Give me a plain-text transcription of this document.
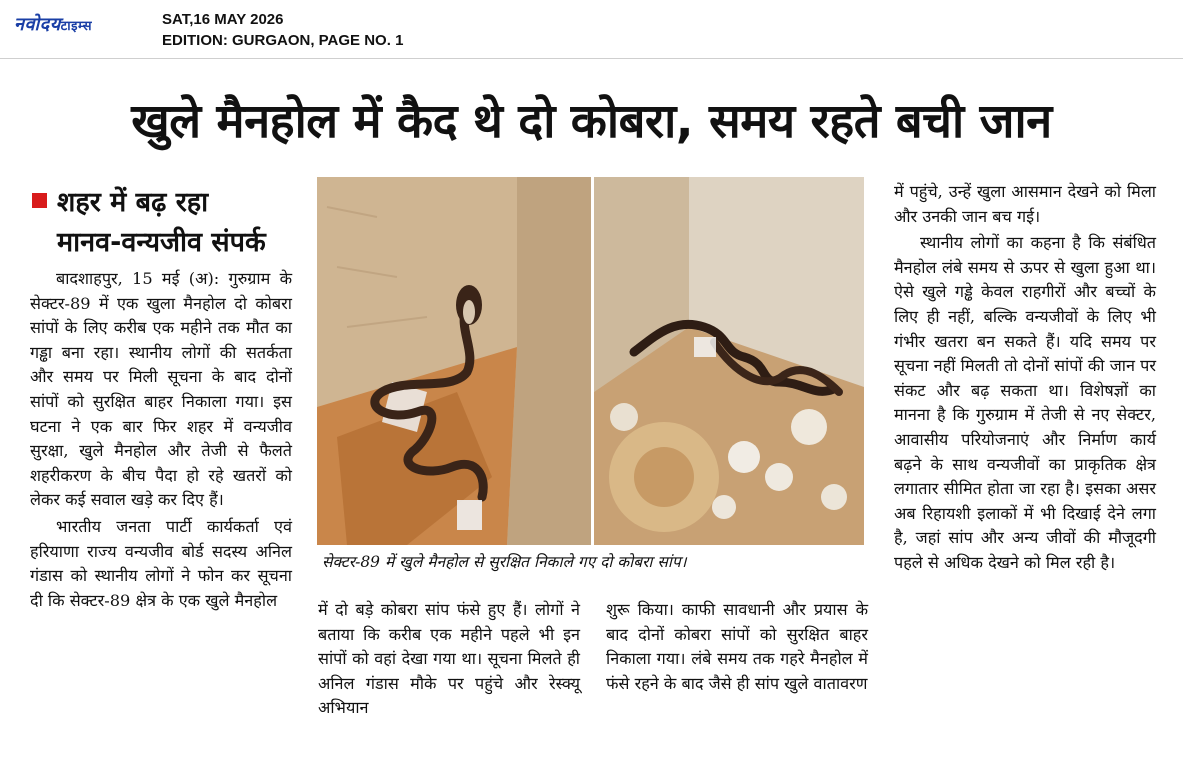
नवोदयटाइम्स	SAT,16 MAY 2026
EDITION: GURGAON, PAGE NO. 1
खुले मैनहोल में कैद थे दो कोबरा, समय रहते बची जान
शहर में बढ़ रहा
मानव-वन्यजीव संपर्क

बादशाहपुर, 15 मई (अ): गुरुग्राम के सेक्टर-89 में एक खुला मैनहोल दो कोबरा सांपों के लिए करीब एक महीने तक मौत का गड्ढा बना रहा। स्थानीय लोगों की सतर्कता और समय पर मिली सूचना के बाद दोनों सांपों को सुरक्षित बाहर निकाला गया। इस घटना ने एक बार फिर शहर में वन्यजीव सुरक्षा, खुले मैनहोल और तेजी से फैलते शहरीकरण के बीच पैदा हो रहे खतरों को लेकर कई सवाल खड़े कर दिए हैं।

भारतीय जनता पार्टी कार्यकर्ता एवं हरियाणा राज्य वन्यजीव बोर्ड सदस्य अनिल गंडास को स्थानीय लोगों ने फोन कर सूचना दी कि सेक्टर-89 क्षेत्र के एक खुले मैनहोल

सेक्टर-89 में खुले मैनहोल से सुरक्षित निकाले गए दो कोबरा सांप।

में दो बड़े कोबरा सांप फंसे हुए हैं। लोगों ने बताया कि करीब एक महीने पहले भी इन सांपों को वहां देखा गया था। सूचना मिलते ही अनिल गंडास मौके पर पहुंचे और रेस्क्यू अभियान

शुरू किया। काफी सावधानी और प्रयास के बाद दोनों कोबरा सांपों को सुरक्षित बाहर निकाला गया। लंबे समय तक गहरे मैनहोल में फंसे रहने के बाद जैसे ही सांप खुले वातावरण

में पहुंचे, उन्हें खुला आसमान देखने को मिला और उनकी जान बच गई।

स्थानीय लोगों का कहना है कि संबंधित मैनहोल लंबे समय से ऊपर से खुला हुआ था। ऐसे खुले गड्ढे केवल राहगीरों और बच्चों के लिए ही नहीं, बल्कि वन्यजीवों के लिए भी गंभीर खतरा बन सकते हैं। यदि समय पर सूचना नहीं मिलती तो दोनों सांपों की जान पर संकट और बढ़ सकता था। विशेषज्ञों का मानना है कि गुरुग्राम में तेजी से नए सेक्टर, आवासीय परियोजनाएं और निर्माण कार्य बढ़ने के साथ वन्यजीवों का प्राकृतिक क्षेत्र लगातार सीमित होता जा रहा है। इसका असर अब रिहायशी इलाकों में भी दिखाई देने लगा है, जहां सांप और अन्य जीवों की मौजूदगी पहले से अधिक देखने को मिल रही है।
